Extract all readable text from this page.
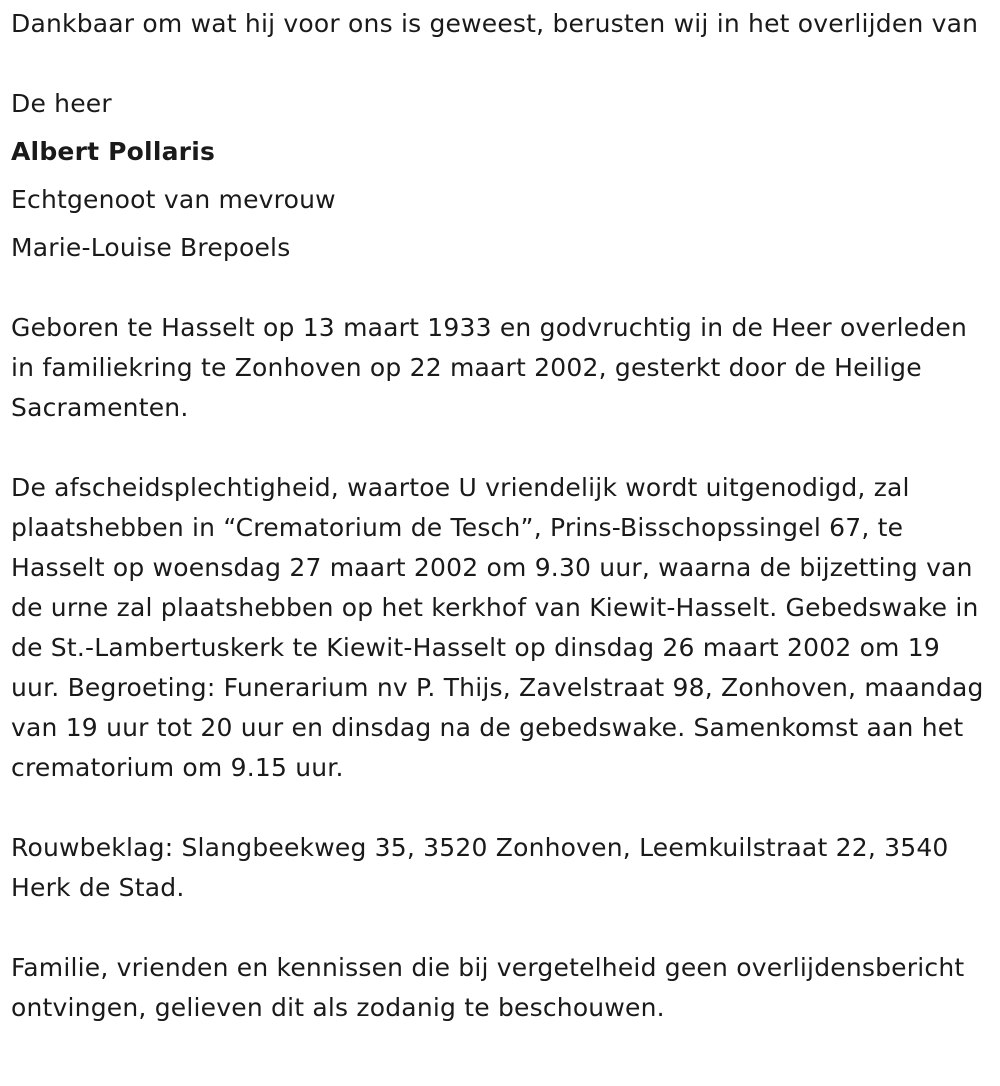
Dankbaar om wat hij voor ons is geweest, berusten wij in het overlijden van

De heer

Albert Pollaris

Echtgenoot van mevrouw

Marie-Louise Brepoels

Geboren te Hasselt op 13 maart 1933 en godvruchtig in de Heer overleden in familiekring te Zonhoven op 22 maart 2002, gesterkt door de Heilige Sacramenten.

De afscheidsplechtigheid, waartoe U vriendelijk wordt uitgenodigd, zal plaatshebben in “Crematorium de Tesch”, Prins-Bisschopssingel 67, te Hasselt op woensdag 27 maart 2002 om 9.30 uur, waarna de bijzetting van de urne zal plaatshebben op het kerkhof van Kiewit-Hasselt. Gebedswake in de St.-Lambertuskerk te Kiewit-Hasselt op dinsdag 26 maart 2002 om 19 uur. Begroeting: Funerarium nv P. Thijs, Zavelstraat 98, Zonhoven, maandag van 19 uur tot 20 uur en dinsdag na de gebedswake. Samenkomst aan het crematorium om 9.15 uur.

Rouwbeklag: Slangbeekweg 35, 3520 Zonhoven, Leemkuilstraat 22, 3540 Herk de Stad.

Familie, vrienden en kennissen die bij vergetelheid geen overlijdensbericht ontvingen, gelieven dit als zodanig te beschouwen.
